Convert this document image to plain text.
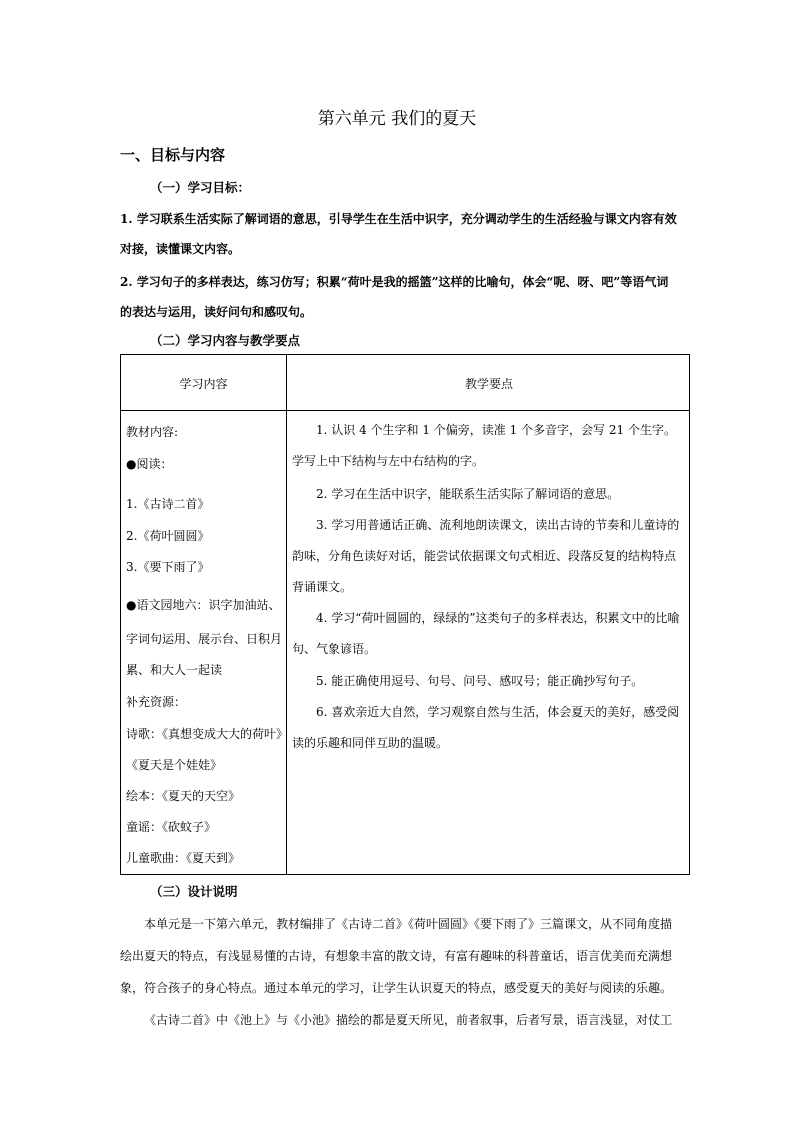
第六单元 我们的夏天
一、目标与内容
（一）学习目标：
1. 学习联系生活实际了解词语的意思，引导学生在生活中识字，充分调动学生的生活经验与课文内容有效对接，读懂课文内容。
2. 学习句子的多样表达，练习仿写；积累“荷叶是我的摇篮”这样的比喻句，体会“呢、呀、吧”等语气词的表达与运用，读好问句和感叹句。
（二）学习内容与教学要点
学习内容	教学要点
教材内容:
●阅读：
1.《古诗二首》
2.《荷叶圆圆》
3.《要下雨了》
●语文园地六：识字加油站、
字词句运用、展示台、日积月
累、和大人一起读
补充资源：
诗歌：《真想变成大大的荷叶》
《夏天是个娃娃》
绘本：《夏天的天空》
童谣：《砍蚊子》
儿童歌曲：《夏天到》
1. 认识 4 个生字和 1 个偏旁，读准 1 个多音字，会写 21 个生字。学写上中下结构与左中右结构的字。
2. 学习在生活中识字，能联系生活实际了解词语的意思。
3. 学习用普通话正确、流利地朗读课文，读出古诗的节奏和儿童诗的韵味，分角色读好对话，能尝试依据课文句式相近、段落反复的结构特点背诵课文。
4. 学习“荷叶圆圆的，绿绿的”这类句子的多样表达，积累文中的比喻句、气象谚语。
5. 能正确使用逗号、句号、问号、感叹号；能正确抄写句子。
6. 喜欢亲近大自然，学习观察自然与生活，体会夏天的美好，感受阅读的乐趣和同伴互助的温暖。
（三）设计说明
本单元是一下第六单元，教材编排了《古诗二首》《荷叶圆圆》《要下雨了》三篇课文，从不同角度描绘出夏天的特点，有浅显易懂的古诗，有想象丰富的散文诗，有富有趣味的科普童话，语言优美而充满想象，符合孩子的身心特点。通过本单元的学习，让学生认识夏天的特点，感受夏天的美好与阅读的乐趣。
《古诗二首》中《池上》与《小池》描绘的都是夏天所见，前者叙事，后者写景，语言浅显，对仗工
